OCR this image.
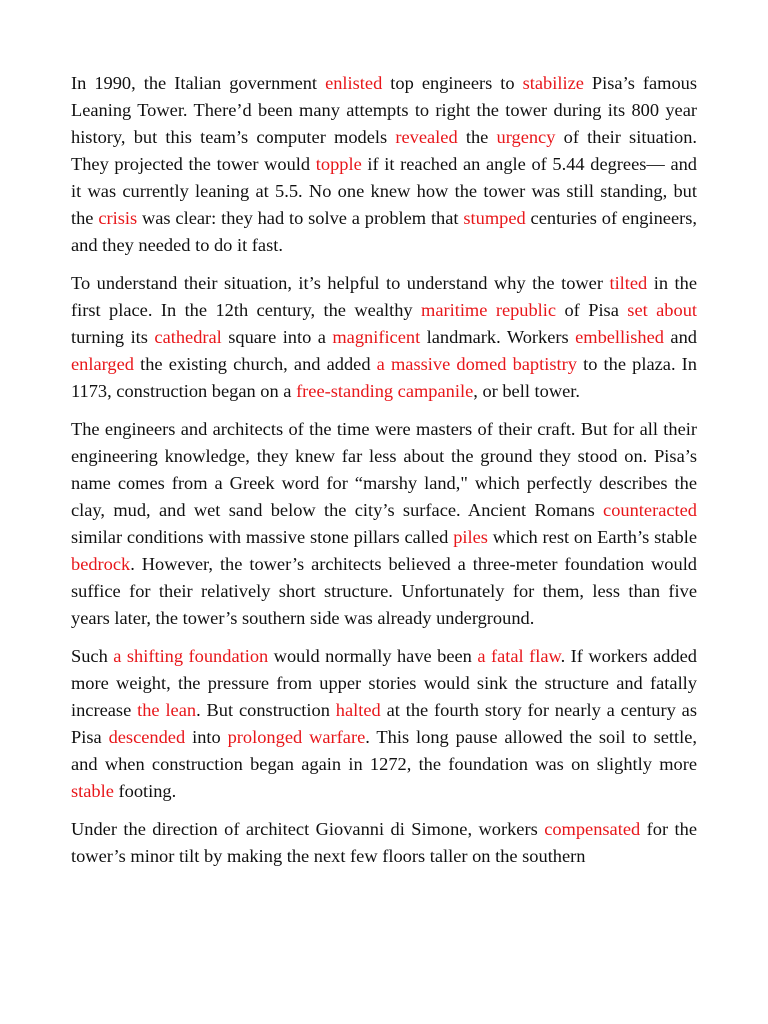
In 1990, the Italian government enlisted top engineers to stabilize Pisa’s famous Leaning Tower. There’d been many attempts to right the tower during its 800 year history, but this team’s computer models revealed the urgency of their situation. They projected the tower would topple if it reached an angle of 5.44 degrees— and it was currently leaning at 5.5. No one knew how the tower was still standing, but the crisis was clear: they had to solve a problem that stumped centuries of engineers, and they needed to do it fast.

To understand their situation, it’s helpful to understand why the tower tilted in the first place. In the 12th century, the wealthy maritime republic of Pisa set about turning its cathedral square into a magnificent landmark. Workers embellished and enlarged the existing church, and added a massive domed baptistry to the plaza. In 1173, construction began on a free-standing campanile, or bell tower.

The engineers and architects of the time were masters of their craft. But for all their engineering knowledge, they knew far less about the ground they stood on. Pisa’s name comes from a Greek word for “marshy land," which perfectly describes the clay, mud, and wet sand below the city’s surface. Ancient Romans counteracted similar conditions with massive stone pillars called piles which rest on Earth’s stable bedrock. However, the tower’s architects believed a three-meter foundation would suffice for their relatively short structure. Unfortunately for them, less than five years later, the tower’s southern side was already underground.

Such a shifting foundation would normally have been a fatal flaw. If workers added more weight, the pressure from upper stories would sink the structure and fatally increase the lean. But construction halted at the fourth story for nearly a century as Pisa descended into prolonged warfare. This long pause allowed the soil to settle, and when construction began again in 1272, the foundation was on slightly more stable footing.

Under the direction of architect Giovanni di Simone, workers compensated for the tower’s minor tilt by making the next few floors taller on the southern
